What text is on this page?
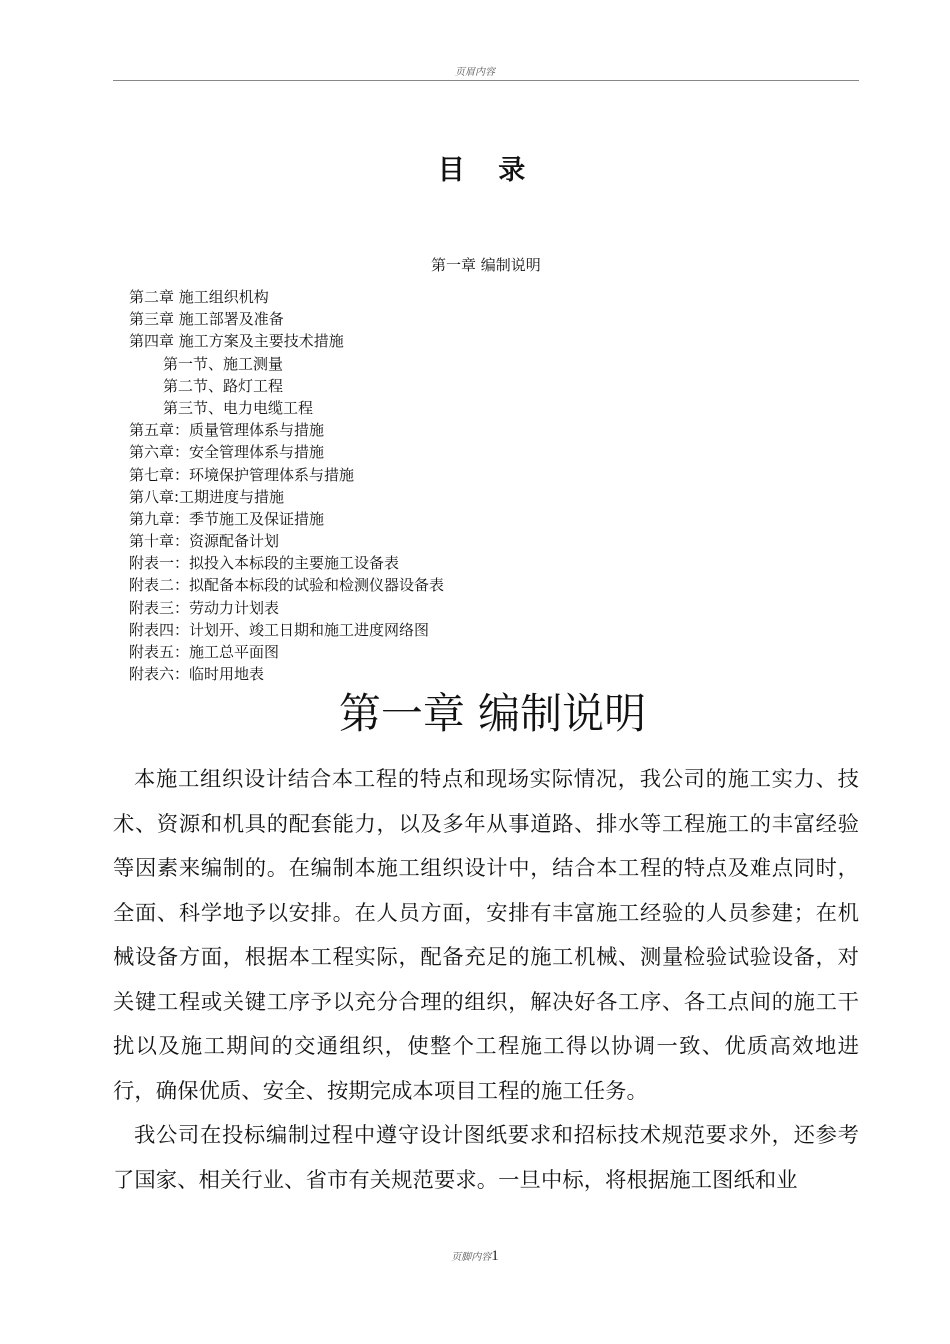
页眉内容
目 录
第一章 编制说明
第二章 施工组织机构
第三章 施工部署及准备
第四章 施工方案及主要技术措施
第一节、施工测量
第二节、路灯工程
第三节、电力电缆工程
第五章：质量管理体系与措施
第六章：安全管理体系与措施
第七章：环境保护管理体系与措施
第八章:工期进度与措施
第九章：季节施工及保证措施
第十章：资源配备计划
附表一：拟投入本标段的主要施工设备表
附表二：拟配备本标段的试验和检测仪器设备表
附表三：劳动力计划表
附表四：计划开、竣工日期和施工进度网络图
附表五：施工总平面图
附表六：临时用地表
第一章 编制说明

本施工组织设计结合本工程的特点和现场实际情况，我公司的施工实力、技术、资源和机具的配套能力，以及多年从事道路、排水等工程施工的丰富经验等因素来编制的。在编制本施工组织设计中，结合本工程的特点及难点同时，全面、科学地予以安排。在人员方面，安排有丰富施工经验的人员参建；在机械设备方面，根据本工程实际，配备充足的施工机械、测量检验试验设备，对关键工程或关键工序予以充分合理的组织，解决好各工序、各工点间的施工干扰以及施工期间的交通组织，使整个工程施工得以协调一致、优质高效地进行，确保优质、安全、按期完成本项目工程的施工任务。

我公司在投标编制过程中遵守设计图纸要求和招标技术规范要求外，还参考了国家、相关行业、省市有关规范要求。一旦中标，将根据施工图纸和业

页脚内容1
